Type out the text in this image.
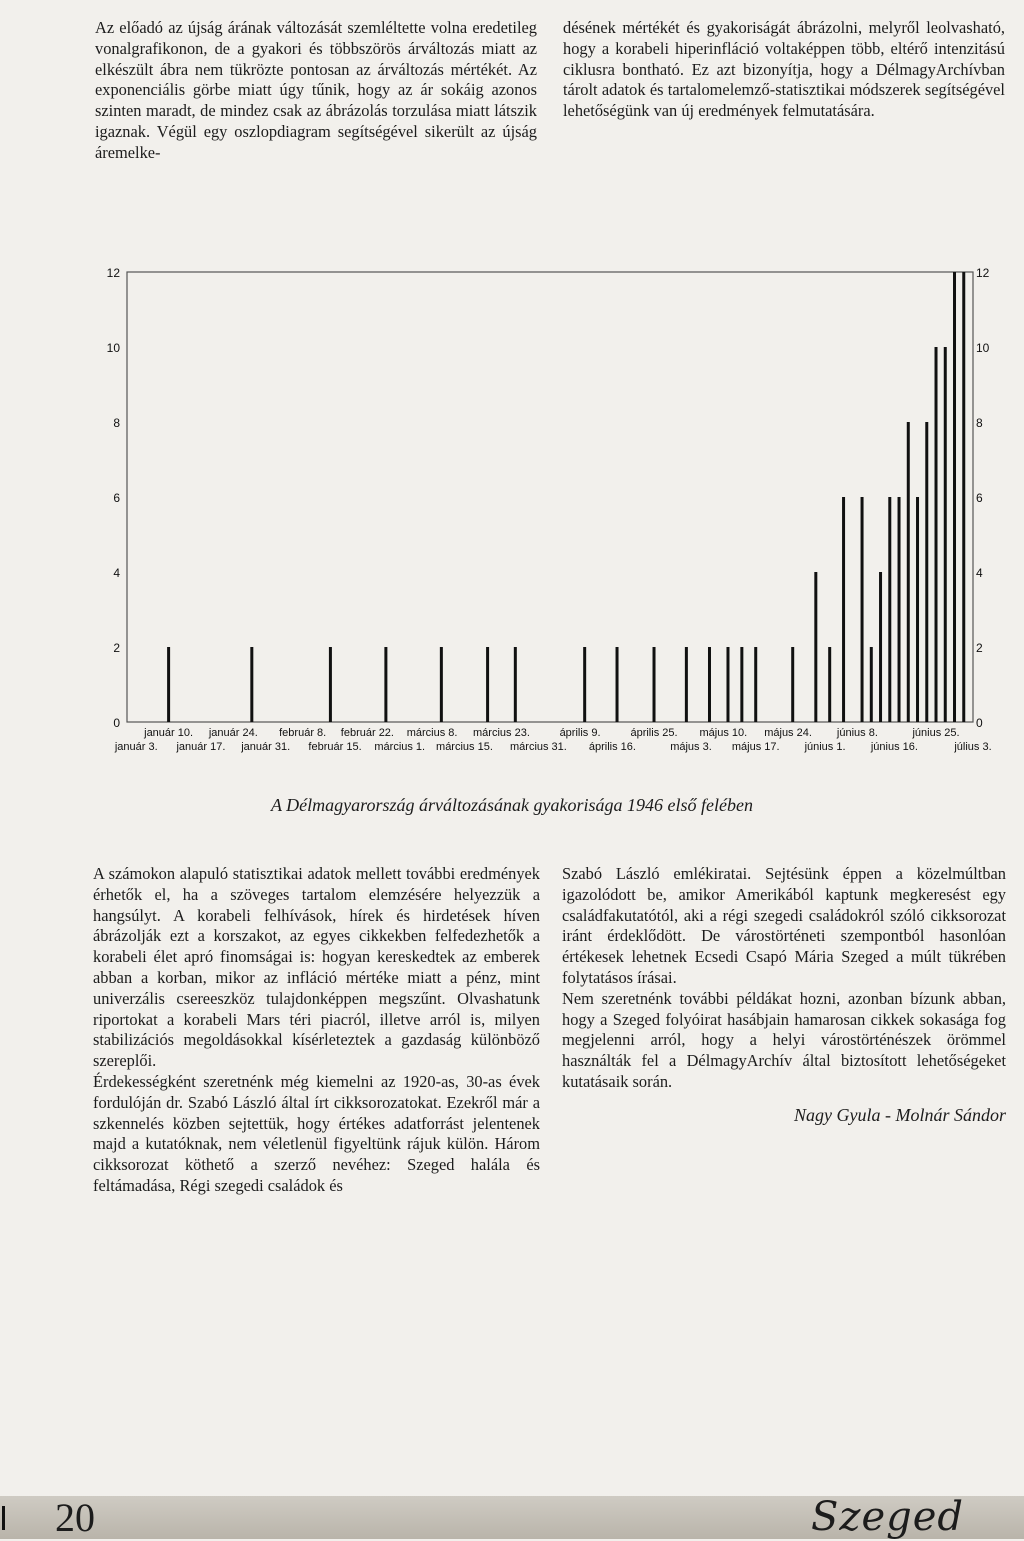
Az előadó az újság árának változását szemléltette volna eredetileg vonalgrafikonon, de a gyakori és többszörös árváltozás miatt az elkészült ábra nem tükrözte pontosan az árváltozás mértékét. Az exponenciális görbe miatt úgy tűnik, hogy az ár sokáig azonos szinten maradt, de mindez csak az ábrázolás torzulása miatt látszik igaznak. Végül egy oszlopdiagram segítségével sikerült az újság áremelke-

désének mértékét és gyakoriságát ábrázolni, melyről leolvasható, hogy a korabeli hiperinfláció voltaképpen több, eltérő intenzitású ciklusra bontható. Ez azt bizonyítja, hogy a DélmagyArchívban tárolt adatok és tartalomelemző-statisztikai módszerek segítségével lehetőségünk van új eredmények felmutatására.

0	0
2	2
4	4
6	6
8	8
10	10
12	12
január 10. január 24. február 8. február 22. március 8. március 23.	április 9.	április 25. május 10. május 24. június 8.	június 25.
január 3. január 17. január 31. február 15. március 1. március 15. március 31. április 16.	május 3. május 17. június 1. június 16.	július 3.
A Délmagyarország árváltozásának gyakorisága 1946 első felében

A számokon alapuló statisztikai adatok mellett további eredmények érhetők el, ha a szöveges tartalom elemzésére helyezzük a hangsúlyt. A korabeli felhívások, hírek és hirdetések híven ábrázolják ezt a korszakot, az egyes cikkekben felfedezhetők a korabeli élet apró finomságai is: hogyan kereskedtek az emberek abban a korban, mikor az infláció mértéke miatt a pénz, mint univerzális csereeszköz tulajdonképpen megszűnt. Olvashatunk riportokat a korabeli Mars téri piacról, illetve arról is, milyen stabilizációs megoldásokkal kísérleteztek a gazdaság különböző szereplői.

Érdekességként szeretnénk még kiemelni az 1920-as, 30-as évek fordulóján dr. Szabó László által írt cikksorozatokat. Ezekről már a szkennelés közben sejtettük, hogy értékes adatforrást jelentenek majd a kutatóknak, nem véletlenül figyeltünk rájuk külön. Három cikksorozat köthető a szerző nevéhez: Szeged halála és feltámadása, Régi szegedi családok és

Szabó László emlékiratai. Sejtésünk éppen a közelmúltban igazolódott be, amikor Amerikából kaptunk megkeresést egy családfakutatótól, aki a régi szegedi családokról szóló cikksorozat iránt érdeklődött. De várostörténeti szempontból hasonlóan értékesek lehetnek Ecsedi Csapó Mária Szeged a múlt tükrében folytatásos írásai.

Nem szeretnénk további példákat hozni, azonban bízunk abban, hogy a Szeged folyóirat hasábjain hamarosan cikkek sokasága fog megjelenni arról, hogy a helyi várostörténészek örömmel használták fel a DélmagyArchív által biztosított lehetőségeket kutatásaik során.

Nagy Gyula - Molnár Sándor

20	Szeged
